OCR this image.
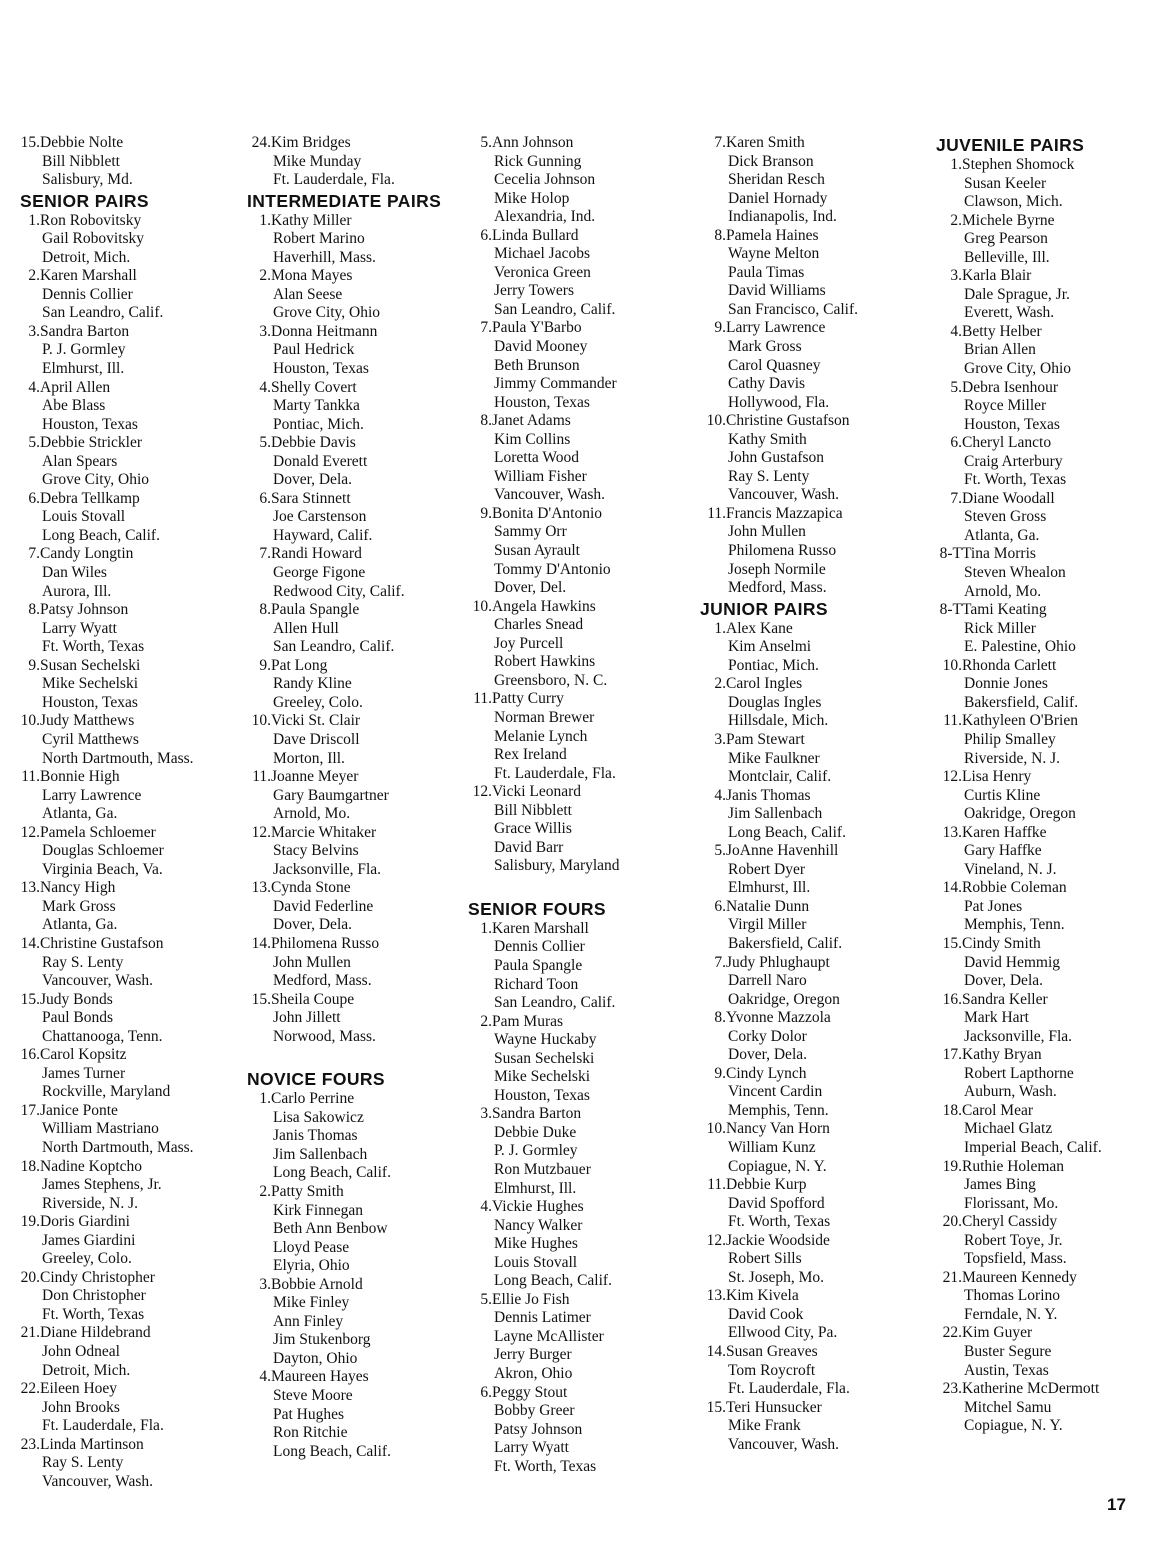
15.Debbie Nolte
Bill Nibblett
Salisbury, Md.
SENIOR PAIRS
1.Ron Robovitsky
Gail Robovitsky
Detroit, Mich.
2.Karen Marshall
Dennis Collier
San Leandro, Calif.
3.Sandra Barton
P. J. Gormley
Elmhurst, Ill.
4.April Allen
Abe Blass
Houston, Texas
5.Debbie Strickler
Alan Spears
Grove City, Ohio
6.Debra Tellkamp
Louis Stovall
Long Beach, Calif.
7.Candy Longtin
Dan Wiles
Aurora, Ill.
8.Patsy Johnson
Larry Wyatt
Ft. Worth, Texas
9.Susan Sechelski
Mike Sechelski
Houston, Texas
10.Judy Matthews
Cyril Matthews
North Dartmouth, Mass.
11.Bonnie High
Larry Lawrence
Atlanta, Ga.
12.Pamela Schloemer
Douglas Schloemer
Virginia Beach, Va.
13.Nancy High
Mark Gross
Atlanta, Ga.
14.Christine Gustafson
Ray S. Lenty
Vancouver, Wash.
15.Judy Bonds
Paul Bonds
Chattanooga, Tenn.
16.Carol Kopsitz
James Turner
Rockville, Maryland
17.Janice Ponte
William Mastriano
North Dartmouth, Mass.
18.Nadine Koptcho
James Stephens, Jr.
Riverside, N. J.
19.Doris Giardini
James Giardini
Greeley, Colo.
20.Cindy Christopher
Don Christopher
Ft. Worth, Texas
21.Diane Hildebrand
John Odneal
Detroit, Mich.
22.Eileen Hoey
John Brooks
Ft. Lauderdale, Fla.
23.Linda Martinson
Ray S. Lenty
Vancouver, Wash.
24.Kim Bridges
Mike Munday
Ft. Lauderdale, Fla.
INTERMEDIATE PAIRS
1.Kathy Miller
Robert Marino
Haverhill, Mass.
2.Mona Mayes
Alan Seese
Grove City, Ohio
3.Donna Heitmann
Paul Hedrick
Houston, Texas
4.Shelly Covert
Marty Tankka
Pontiac, Mich.
5.Debbie Davis
Donald Everett
Dover, Dela.
6.Sara Stinnett
Joe Carstenson
Hayward, Calif.
7.Randi Howard
George Figone
Redwood City, Calif.
8.Paula Spangle
Allen Hull
San Leandro, Calif.
9.Pat Long
Randy Kline
Greeley, Colo.
10.Vicki St. Clair
Dave Driscoll
Morton, Ill.
11.Joanne Meyer
Gary Baumgartner
Arnold, Mo.
12.Marcie Whitaker
Stacy Belvins
Jacksonville, Fla.
13.Cynda Stone
David Federline
Dover, Dela.
14.Philomena Russo
John Mullen
Medford, Mass.
15.Sheila Coupe
John Jillett
Norwood, Mass.
NOVICE FOURS
1.Carlo Perrine
Lisa Sakowicz
Janis Thomas
Jim Sallenbach
Long Beach, Calif.
2.Patty Smith
Kirk Finnegan
Beth Ann Benbow
Lloyd Pease
Elyria, Ohio
3.Bobbie Arnold
Mike Finley
Ann Finley
Jim Stukenborg
Dayton, Ohio
4.Maureen Hayes
Steve Moore
Pat Hughes
Ron Ritchie
Long Beach, Calif.
5.Ann Johnson
Rick Gunning
Cecelia Johnson
Mike Holop
Alexandria, Ind.
6.Linda Bullard
Michael Jacobs
Veronica Green
Jerry Towers
San Leandro, Calif.
7.Paula Y'Barbo
David Mooney
Beth Brunson
Jimmy Commander
Houston, Texas
8.Janet Adams
Kim Collins
Loretta Wood
William Fisher
Vancouver, Wash.
9.Bonita D'Antonio
Sammy Orr
Susan Ayrault
Tommy D'Antonio
Dover, Del.
10.Angela Hawkins
Charles Snead
Joy Purcell
Robert Hawkins
Greensboro, N. C.
11.Patty Curry
Norman Brewer
Melanie Lynch
Rex Ireland
Ft. Lauderdale, Fla.
12.Vicki Leonard
Bill Nibblett
Grace Willis
David Barr
Salisbury, Maryland
SENIOR FOURS
1.Karen Marshall
Dennis Collier
Paula Spangle
Richard Toon
San Leandro, Calif.
2.Pam Muras
Wayne Huckaby
Susan Sechelski
Mike Sechelski
Houston, Texas
3.Sandra Barton
Debbie Duke
P. J. Gormley
Ron Mutzbauer
Elmhurst, Ill.
4.Vickie Hughes
Nancy Walker
Mike Hughes
Louis Stovall
Long Beach, Calif.
5.Ellie Jo Fish
Dennis Latimer
Layne McAllister
Jerry Burger
Akron, Ohio
6.Peggy Stout
Bobby Greer
Patsy Johnson
Larry Wyatt
Ft. Worth, Texas
7.Karen Smith
Dick Branson
Sheridan Resch
Daniel Hornady
Indianapolis, Ind.
8.Pamela Haines
Wayne Melton
Paula Timas
David Williams
San Francisco, Calif.
9.Larry Lawrence
Mark Gross
Carol Quasney
Cathy Davis
Hollywood, Fla.
10.Christine Gustafson
Kathy Smith
John Gustafson
Ray S. Lenty
Vancouver, Wash.
11.Francis Mazzapica
John Mullen
Philomena Russo
Joseph Normile
Medford, Mass.
JUNIOR PAIRS
1.Alex Kane
Kim Anselmi
Pontiac, Mich.
2.Carol Ingles
Douglas Ingles
Hillsdale, Mich.
3.Pam Stewart
Mike Faulkner
Montclair, Calif.
4.Janis Thomas
Jim Sallenbach
Long Beach, Calif.
5.JoAnne Havenhill
Robert Dyer
Elmhurst, Ill.
6.Natalie Dunn
Virgil Miller
Bakersfield, Calif.
7.Judy Phlughaupt
Darrell Naro
Oakridge, Oregon
8.Yvonne Mazzola
Corky Dolor
Dover, Dela.
9.Cindy Lynch
Vincent Cardin
Memphis, Tenn.
10.Nancy Van Horn
William Kunz
Copiague, N. Y.
11.Debbie Kurp
David Spofford
Ft. Worth, Texas
12.Jackie Woodside
Robert Sills
St. Joseph, Mo.
13.Kim Kivela
David Cook
Ellwood City, Pa.
14.Susan Greaves
Tom Roycroft
Ft. Lauderdale, Fla.
15.Teri Hunsucker
Mike Frank
Vancouver, Wash.
JUVENILE PAIRS
1.Stephen Shomock
Susan Keeler
Clawson, Mich.
2.Michele Byrne
Greg Pearson
Belleville, Ill.
3.Karla Blair
Dale Sprague, Jr.
Everett, Wash.
4.Betty Helber
Brian Allen
Grove City, Ohio
5.Debra Isenhour
Royce Miller
Houston, Texas
6.Cheryl Lancto
Craig Arterbury
Ft. Worth, Texas
7.Diane Woodall
Steven Gross
Atlanta, Ga.
8-TTina Morris
Steven Whealon
Arnold, Mo.
8-TTami Keating
Rick Miller
E. Palestine, Ohio
10.Rhonda Carlett
Donnie Jones
Bakersfield, Calif.
11.Kathyleen O'Brien
Philip Smalley
Riverside, N. J.
12.Lisa Henry
Curtis Kline
Oakridge, Oregon
13.Karen Haffke
Gary Haffke
Vineland, N. J.
14.Robbie Coleman
Pat Jones
Memphis, Tenn.
15.Cindy Smith
David Hemmig
Dover, Dela.
16.Sandra Keller
Mark Hart
Jacksonville, Fla.
17.Kathy Bryan
Robert Lapthorne
Auburn, Wash.
18.Carol Mear
Michael Glatz
Imperial Beach, Calif.
19.Ruthie Holeman
James Bing
Florissant, Mo.
20.Cheryl Cassidy
Robert Toye, Jr.
Topsfield, Mass.
21.Maureen Kennedy
Thomas Lorino
Ferndale, N. Y.
22.Kim Guyer
Buster Segure
Austin, Texas
23.Katherine McDermott
Mitchel Samu
Copiague, N. Y.
17
